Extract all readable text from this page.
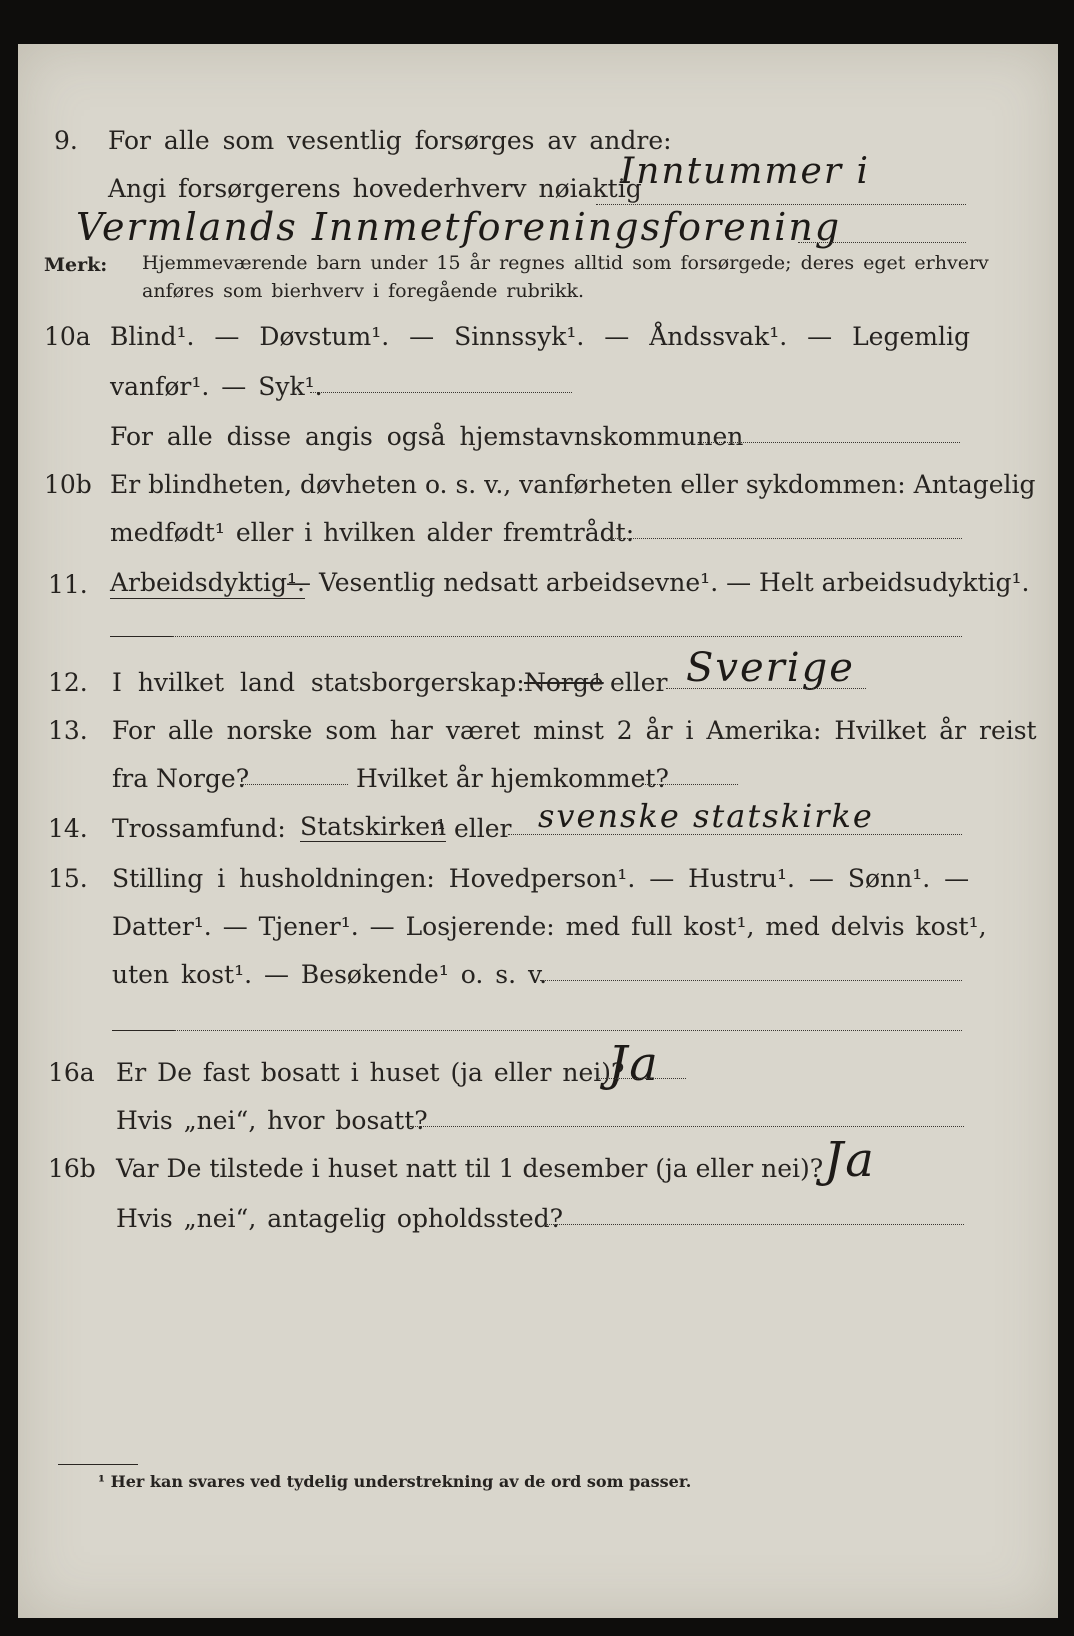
9. For alle som vesentlig forsørges av andre:
Angi forsørgerens hovederhverv nøiaktig
Inntummer i
Vermlands Innmetforeningsforening
Merk: Hjemmeværende barn under 15 år regnes alltid som forsørgede; deres eget erhverv
anføres som bierhverv i foregående rubrikk.
10a Blind¹. — Døvstum¹. — Sinnssyk¹. — Åndssvak¹. — Legemlig
vanfør¹. — Syk¹.
For alle disse angis også hjemstavnskommunen
10b Er blindheten, døvheten o. s. v., vanførheten eller sykdommen: Antagelig
medfødt¹ eller i hvilken alder fremtrådt:
11. Arbeidsdyktig¹.
— Vesentlig nedsatt arbeidsevne¹. — Helt arbeidsudyktig¹.
12. I hvilket land statsborgerskap: Norge
¹ eller Sverige
13. For alle norske som har været minst 2 år i Amerika: Hvilket år reist
fra Norge?	Hvilket år hjemkommet?
14. Trossamfund: Statskirken
¹ eller svenske statskirke
15. Stilling i husholdningen: Hovedperson¹. — Hustru¹. — Sønn¹. —
Datter¹. — Tjener¹. — Losjerende: med full kost¹, med delvis kost¹,
uten kost¹. — Besøkende¹ o. s. v.
16a Er De fast bosatt i huset (ja eller nei)?
Ja
Hvis „nei“, hvor bosatt?
16b Var De tilstede i huset natt til 1 desember (ja eller nei)? Ja
Hvis „nei“, antagelig opholdssted?
¹ Her kan svares ved tydelig understrekning av de ord som passer.
